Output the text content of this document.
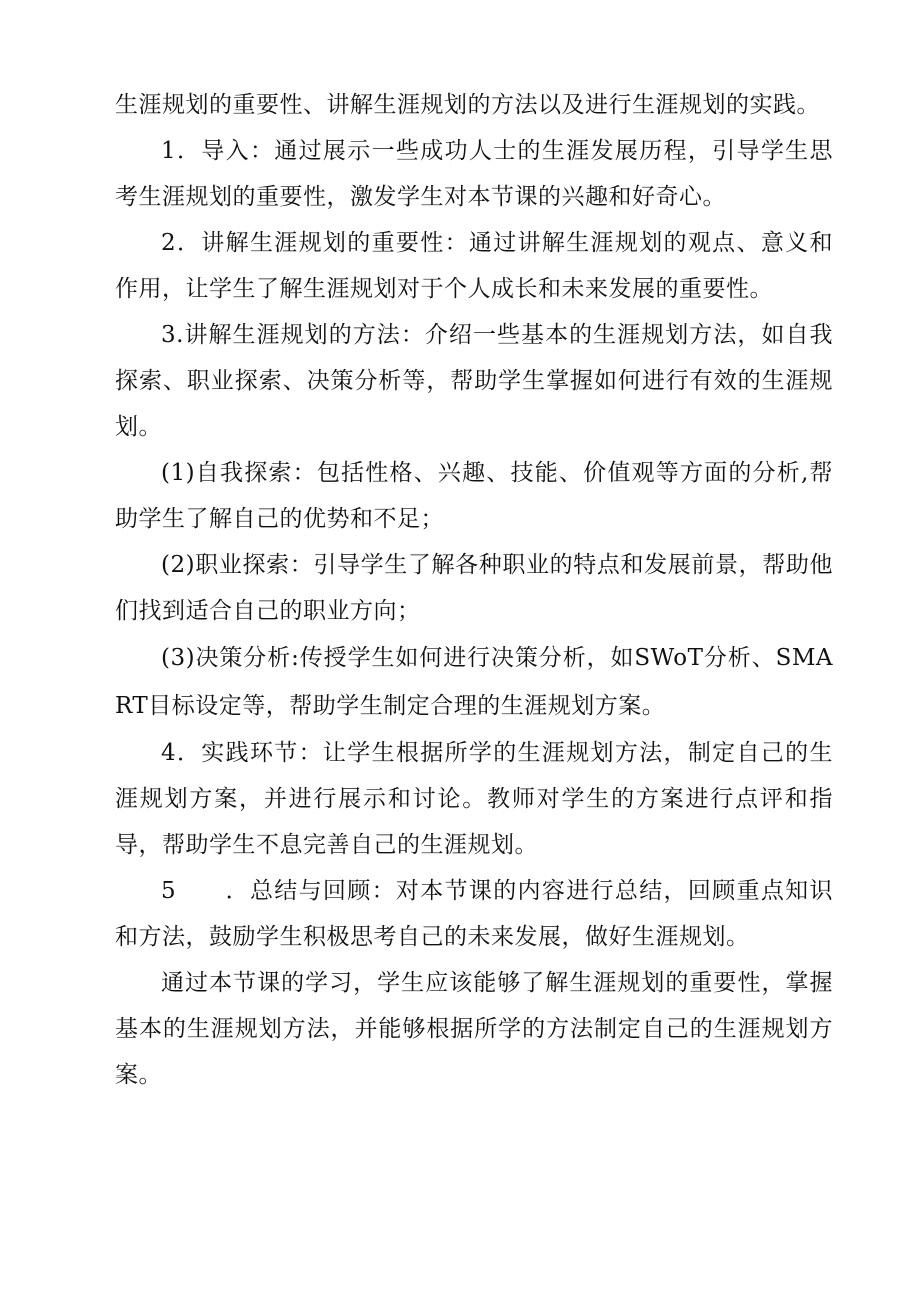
生涯规划的重要性、讲解生涯规划的方法以及进行生涯规划的实践。

1．导入：通过展示一些成功人士的生涯发展历程，引导学生思考生涯规划的重要性，激发学生对本节课的兴趣和好奇心。

2．讲解生涯规划的重要性：通过讲解生涯规划的观点、意义和作用，让学生了解生涯规划对于个人成长和未来发展的重要性。

3.讲解生涯规划的方法：介绍一些基本的生涯规划方法，如自我探索、职业探索、决策分析等，帮助学生掌握如何进行有效的生涯规划。

(1)自我探索：包括性格、兴趣、技能、价值观等方面的分析,帮助学生了解自己的优势和不足；

(2)职业探索：引导学生了解各种职业的特点和发展前景，帮助他们找到适合自己的职业方向；

(3)决策分析:传授学生如何进行决策分析，如SWoT分析、SMART目标设定等，帮助学生制定合理的生涯规划方案。

4．实践环节：让学生根据所学的生涯规划方法，制定自己的生涯规划方案，并进行展示和讨论。教师对学生的方案进行点评和指导，帮助学生不息完善自己的生涯规划。

5　　．总结与回顾：对本节课的内容进行总结，回顾重点知识和方法，鼓励学生积极思考自己的未来发展，做好生涯规划。

通过本节课的学习，学生应该能够了解生涯规划的重要性，掌握基本的生涯规划方法，并能够根据所学的方法制定自己的生涯规划方案。
